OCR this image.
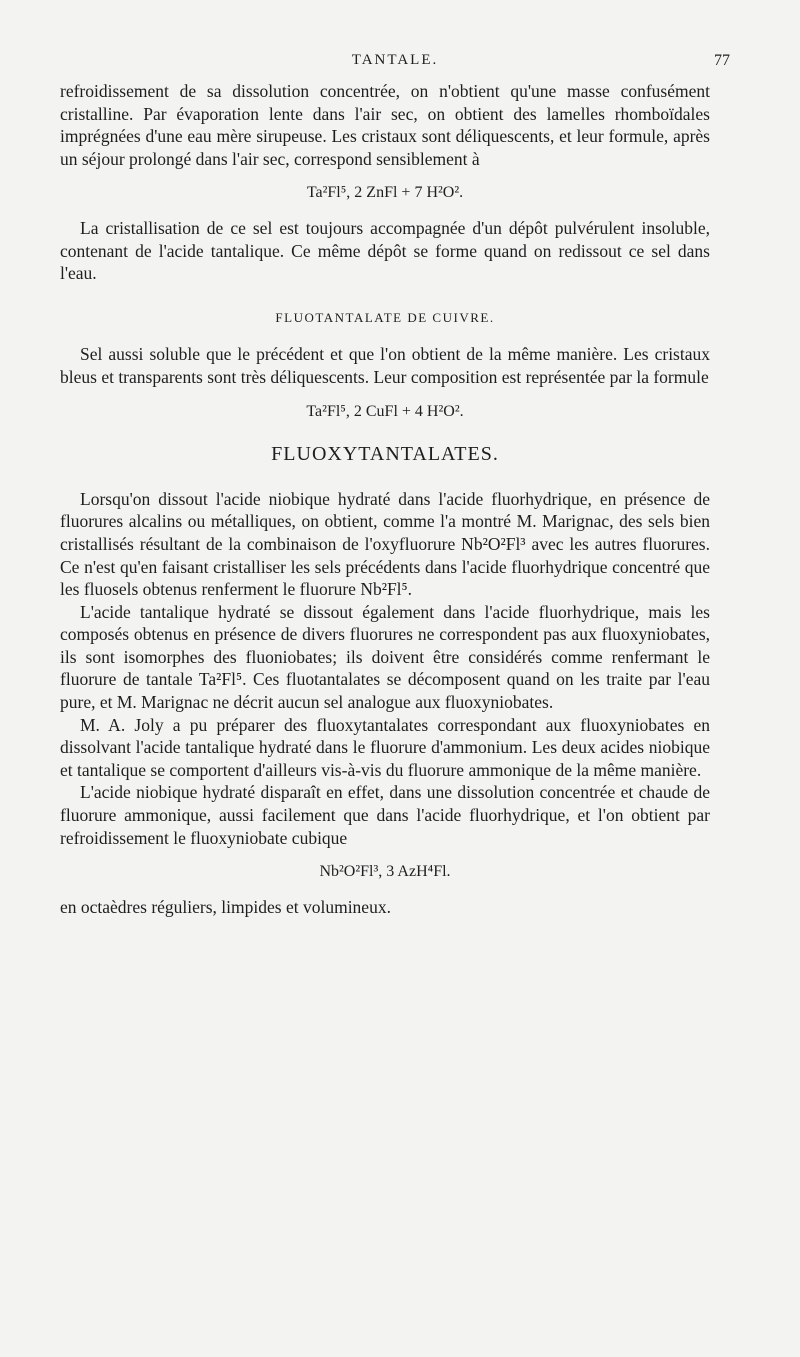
TANTALE.	77

refroidissement de sa dissolution concentrée, on n'obtient qu'une masse confusément cristalline. Par évaporation lente dans l'air sec, on obtient des lamelles rhomboïdales imprégnées d'une eau mère sirupeuse. Les cristaux sont déliquescents, et leur formule, après un séjour prolongé dans l'air sec, correspond sensiblement à

Ta²Fl⁵, 2 ZnFl + 7 H²O².

La cristallisation de ce sel est toujours accompagnée d'un dépôt pulvérulent insoluble, contenant de l'acide tantalique. Ce même dépôt se forme quand on redissout ce sel dans l'eau.

FLUOTANTALATE DE CUIVRE.

Sel aussi soluble que le précédent et que l'on obtient de la même manière. Les cristaux bleus et transparents sont très déliquescents. Leur composition est représentée par la formule

Ta²Fl⁵, 2 CuFl + 4 H²O².
FLUOXYTANTALATES.

Lorsqu'on dissout l'acide niobique hydraté dans l'acide fluorhydrique, en présence de fluorures alcalins ou métalliques, on obtient, comme l'a montré M. Marignac, des sels bien cristallisés résultant de la combinaison de l'oxyfluorure Nb²O²Fl³ avec les autres fluorures. Ce n'est qu'en faisant cristalliser les sels précédents dans l'acide fluorhydrique concentré que les fluosels obtenus renferment le fluorure Nb²Fl⁵.

L'acide tantalique hydraté se dissout également dans l'acide fluorhydrique, mais les composés obtenus en présence de divers fluorures ne correspondent pas aux fluoxyniobates, ils sont isomorphes des fluoniobates; ils doivent être considérés comme renfermant le fluorure de tantale Ta²Fl⁵. Ces fluotantalates se décomposent quand on les traite par l'eau pure, et M. Marignac ne décrit aucun sel analogue aux fluoxyniobates.

M. A. Joly a pu préparer des fluoxytantalates correspondant aux fluoxyniobates en dissolvant l'acide tantalique hydraté dans le fluorure d'ammonium. Les deux acides niobique et tantalique se comportent d'ailleurs vis-à-vis du fluorure ammonique de la même manière.

L'acide niobique hydraté disparaît en effet, dans une dissolution concentrée et chaude de fluorure ammonique, aussi facilement que dans l'acide fluorhydrique, et l'on obtient par refroidissement le fluoxyniobate cubique

Nb²O²Fl³, 3 AzH⁴Fl.

en octaèdres réguliers, limpides et volumineux.
